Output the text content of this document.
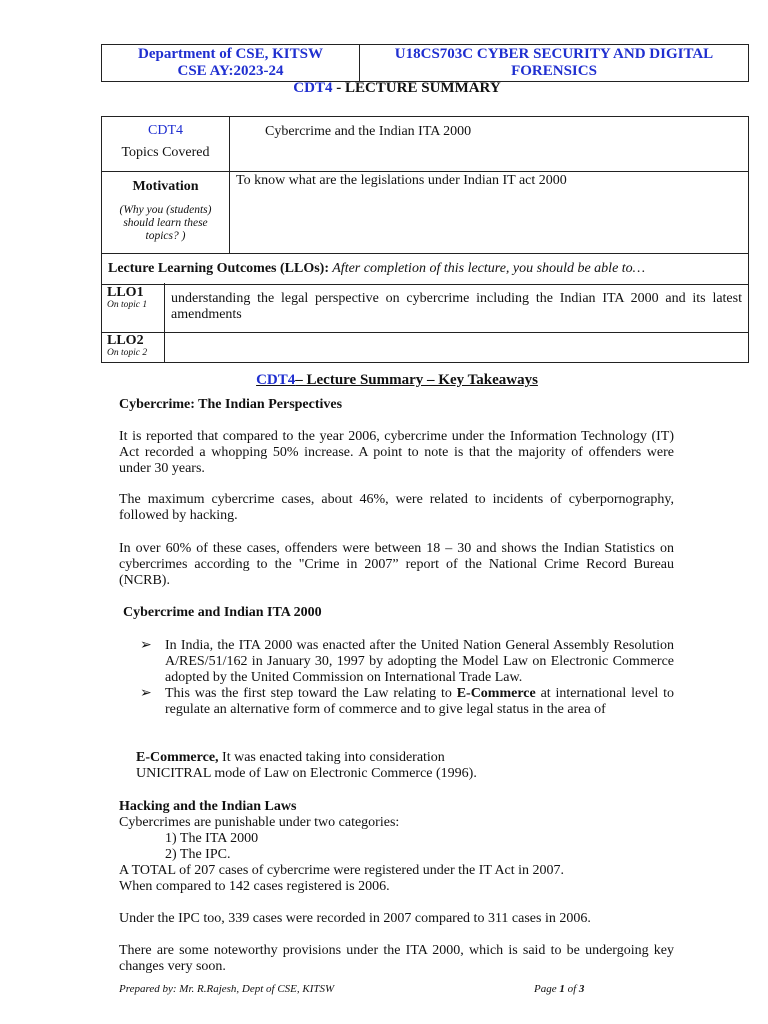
Department of CSE, KITSW
CSE AY:2023-24

U18CS703C CYBER SECURITY AND DIGITAL
FORENSICS
CDT4 - LECTURE SUMMARY
CDT4
Topics Covered	Cybercrime and the Indian ITA 2000

Motivation
(Why you (students) should learn these topics? )	To know what are the legislations under Indian IT act 2000

Lecture Learning Outcomes (LLOs): After completion of this lecture, you should be able to…	
LLO1
On topic 1	understanding the legal perspective on cybercrime including the Indian ITA 2000 and its latest amendments

LLO2
On topic 2	

CDT4– Lecture Summary – Key Takeaways
Cybercrime: The Indian Perspectives
It is reported that compared to the year 2006, cybercrime under the Information Technology (IT) Act recorded a whopping 50% increase. A point to note is that the majority of offenders were under 30 years.
The maximum cybercrime cases, about 46%, were related to incidents of cyberpornography, followed by hacking.
In over 60% of these cases, offenders were between 18 – 30 and shows the Indian Statistics on cybercrimes according to the "Crime in 2007” report of the National Crime Record Bureau (NCRB).
Cybercrime and Indian ITA 2000
➢ In India, the ITA 2000 was enacted after the United Nation General Assembly Resolution A/RES/51/162 in January 30, 1997 by adopting the Model Law on Electronic Commerce adopted by the United Commission on International Trade Law.
➢ This was the first step toward the Law relating to E-Commerce at international level to regulate an alternative form of commerce and to give legal status in the area of
E-Commerce, It was enacted taking into consideration
UNICITRAL mode of Law on Electronic Commerce (1996).
Hacking and the Indian Laws
Cybercrimes are punishable under two categories:
1) The ITA 2000
2) The IPC.
A TOTAL of 207 cases of cybercrime were registered under the IT Act in 2007.
When compared to 142 cases registered is 2006.
Under the IPC too, 339 cases were recorded in 2007 compared to 311 cases in 2006.
There are some noteworthy provisions under the ITA 2000, which is said to be undergoing key changes very soon.
Prepared by: Mr. R.Rajesh, Dept of CSE, KITSW	Page 1 of 3
